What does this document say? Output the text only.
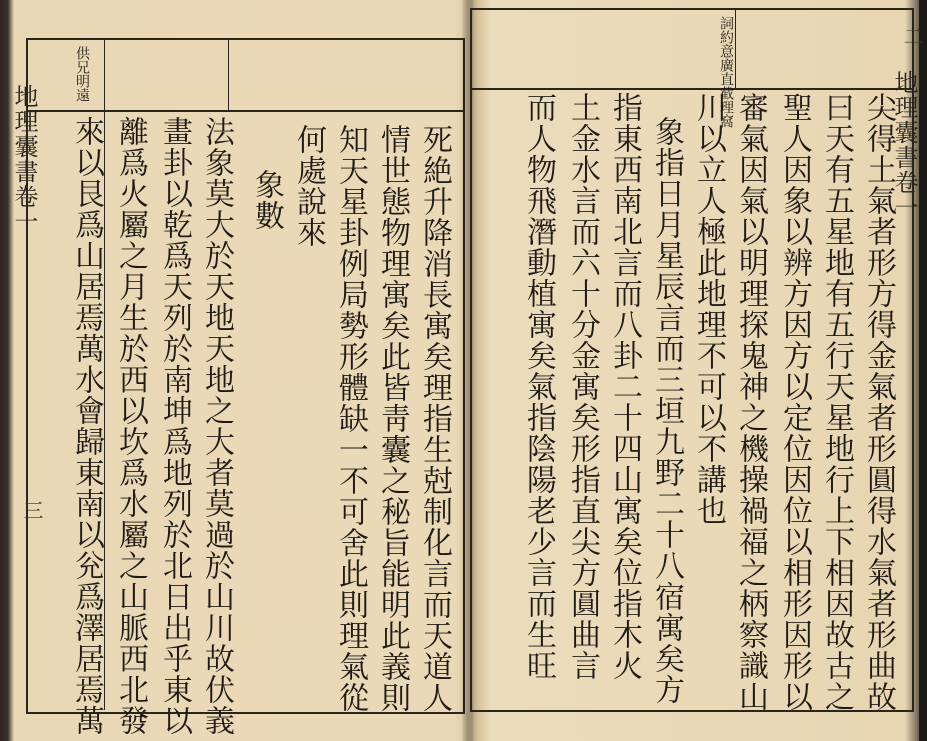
供兄明遠
地理囊書卷一
三	死絶升降消長寓矣理指生尅制化言而天道人
情世態物理寓矣此皆靑囊之秘旨能明此義則
知天星卦例局勢形體缺一不可舍此則理氣從
何處說來
　象數
法象莫大於天地天地之大者莫過於山川故伏義
畫卦以乾爲天列於南坤爲地列於北日出乎東以
離爲火屬之月生於西以坎爲水屬之山脈西北發
來以艮爲山居焉萬水會歸東南以兊爲澤居焉萬
詞約意廣直截理窩	地理囊書卷一
二
尖得土氣者形方得金氣者形圓得水氣者形曲故
曰天有五星地有五行天星地行上下相因故古之
聖人因象以辨方因方以定位因位以相形因形以
審氣因氣以明理探鬼神之機操禍福之柄察識山
川以立人極此地理不可以不講也
象指日月星辰言而三垣九野二十八宿寓矣方
指東西南北言而八卦二十四山寓矣位指木火
土金水言而六十分金寓矣形指直尖方圓曲言
而人物飛潛動植寓矣氣指陰陽老少言而生旺
